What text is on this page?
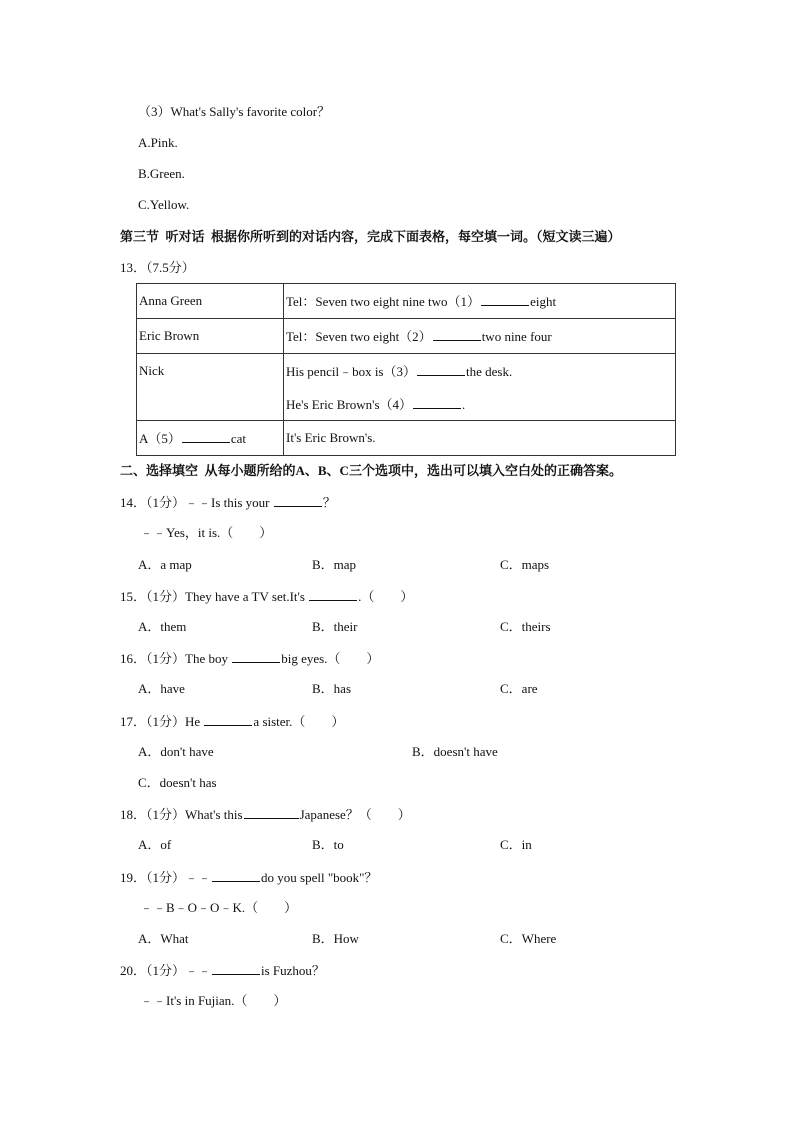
（3）What's Sally's favorite color？
A.Pink.
B.Green.
C.Yellow.
第三节  听对话  根据你所听到的对话内容，完成下面表格，每空填一词。（短文读三遍）
13．（7.5分）
Anna Green	Tel：Seven two eight nine two（1） eight
Eric Brown	Tel：Seven two eight（2） two nine four
Nick	His pencil﹣box is（3） the desk.
He's Eric Brown's（4） .

A（5） cat	It's Eric Brown's.
二、选择填空  从每小题所给的A、B、C三个选项中，选出可以填入空白处的正确答案。
14．（1分）﹣﹣Is this your	？
﹣﹣Yes，it is.（　　）
A．a map	B．map	C．maps
15．（1分）They have a TV set.It's	.（　　）
A．them	B．their	C．theirs
16．（1分）The boy	big eyes.（　　）
A．have	B．has	C．are
17．（1分）He	a sister.（　　）
A．don't have	B．doesn't have
C．doesn't has
18．（1分）What's this	Japanese？（　　）
A．of	B．to	C．in
19．（1分）﹣﹣	do you spell "book"？
﹣﹣B﹣O﹣O﹣K.（　　）
A．What	B．How	C．Where
20．（1分）﹣﹣	is Fuzhou？
﹣﹣It's in Fujian.（　　）
